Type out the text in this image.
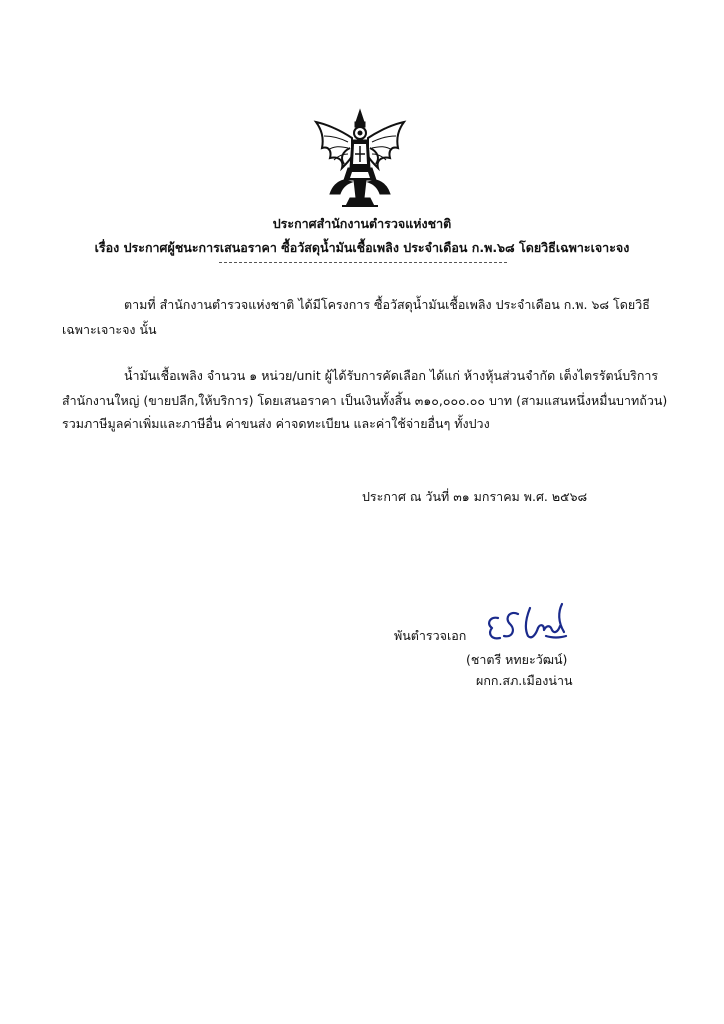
ประกาศสำนักงานตำรวจแห่งชาติ
เรื่อง ประกาศผู้ชนะการเสนอราคา ซื้อวัสดุน้ำมันเชื้อเพลิง ประจำเดือน ก.พ.๖๘ โดยวิธีเฉพาะเจาะจง
ตามที่ สำนักงานตำรวจแห่งชาติ ได้มีโครงการ ซื้อวัสดุน้ำมันเชื้อเพลิง ประจำเดือน ก.พ. ๖๘ โดยวิธี
เฉพาะเจาะจง นั้น
น้ำมันเชื้อเพลิง จำนวน ๑ หน่วย/unit ผู้ได้รับการคัดเลือก ได้แก่ ห้างหุ้นส่วนจำกัด เต็งไตรรัตน์บริการ
สำนักงานใหญ่ (ขายปลีก,ให้บริการ) โดยเสนอราคา เป็นเงินทั้งสิ้น ๓๑๐,๐๐๐.๐๐ บาท (สามแสนหนึ่งหมื่นบาทถ้วน)
รวมภาษีมูลค่าเพิ่มและภาษีอื่น ค่าขนส่ง ค่าจดทะเบียน และค่าใช้จ่ายอื่นๆ ทั้งปวง
ประกาศ ณ วันที่ ๓๑ มกราคม พ.ศ. ๒๕๖๘
พันตำรวจเอก
(ชาตรี หทยะวัฒน์)
ผกก.สภ.เมืองน่าน
